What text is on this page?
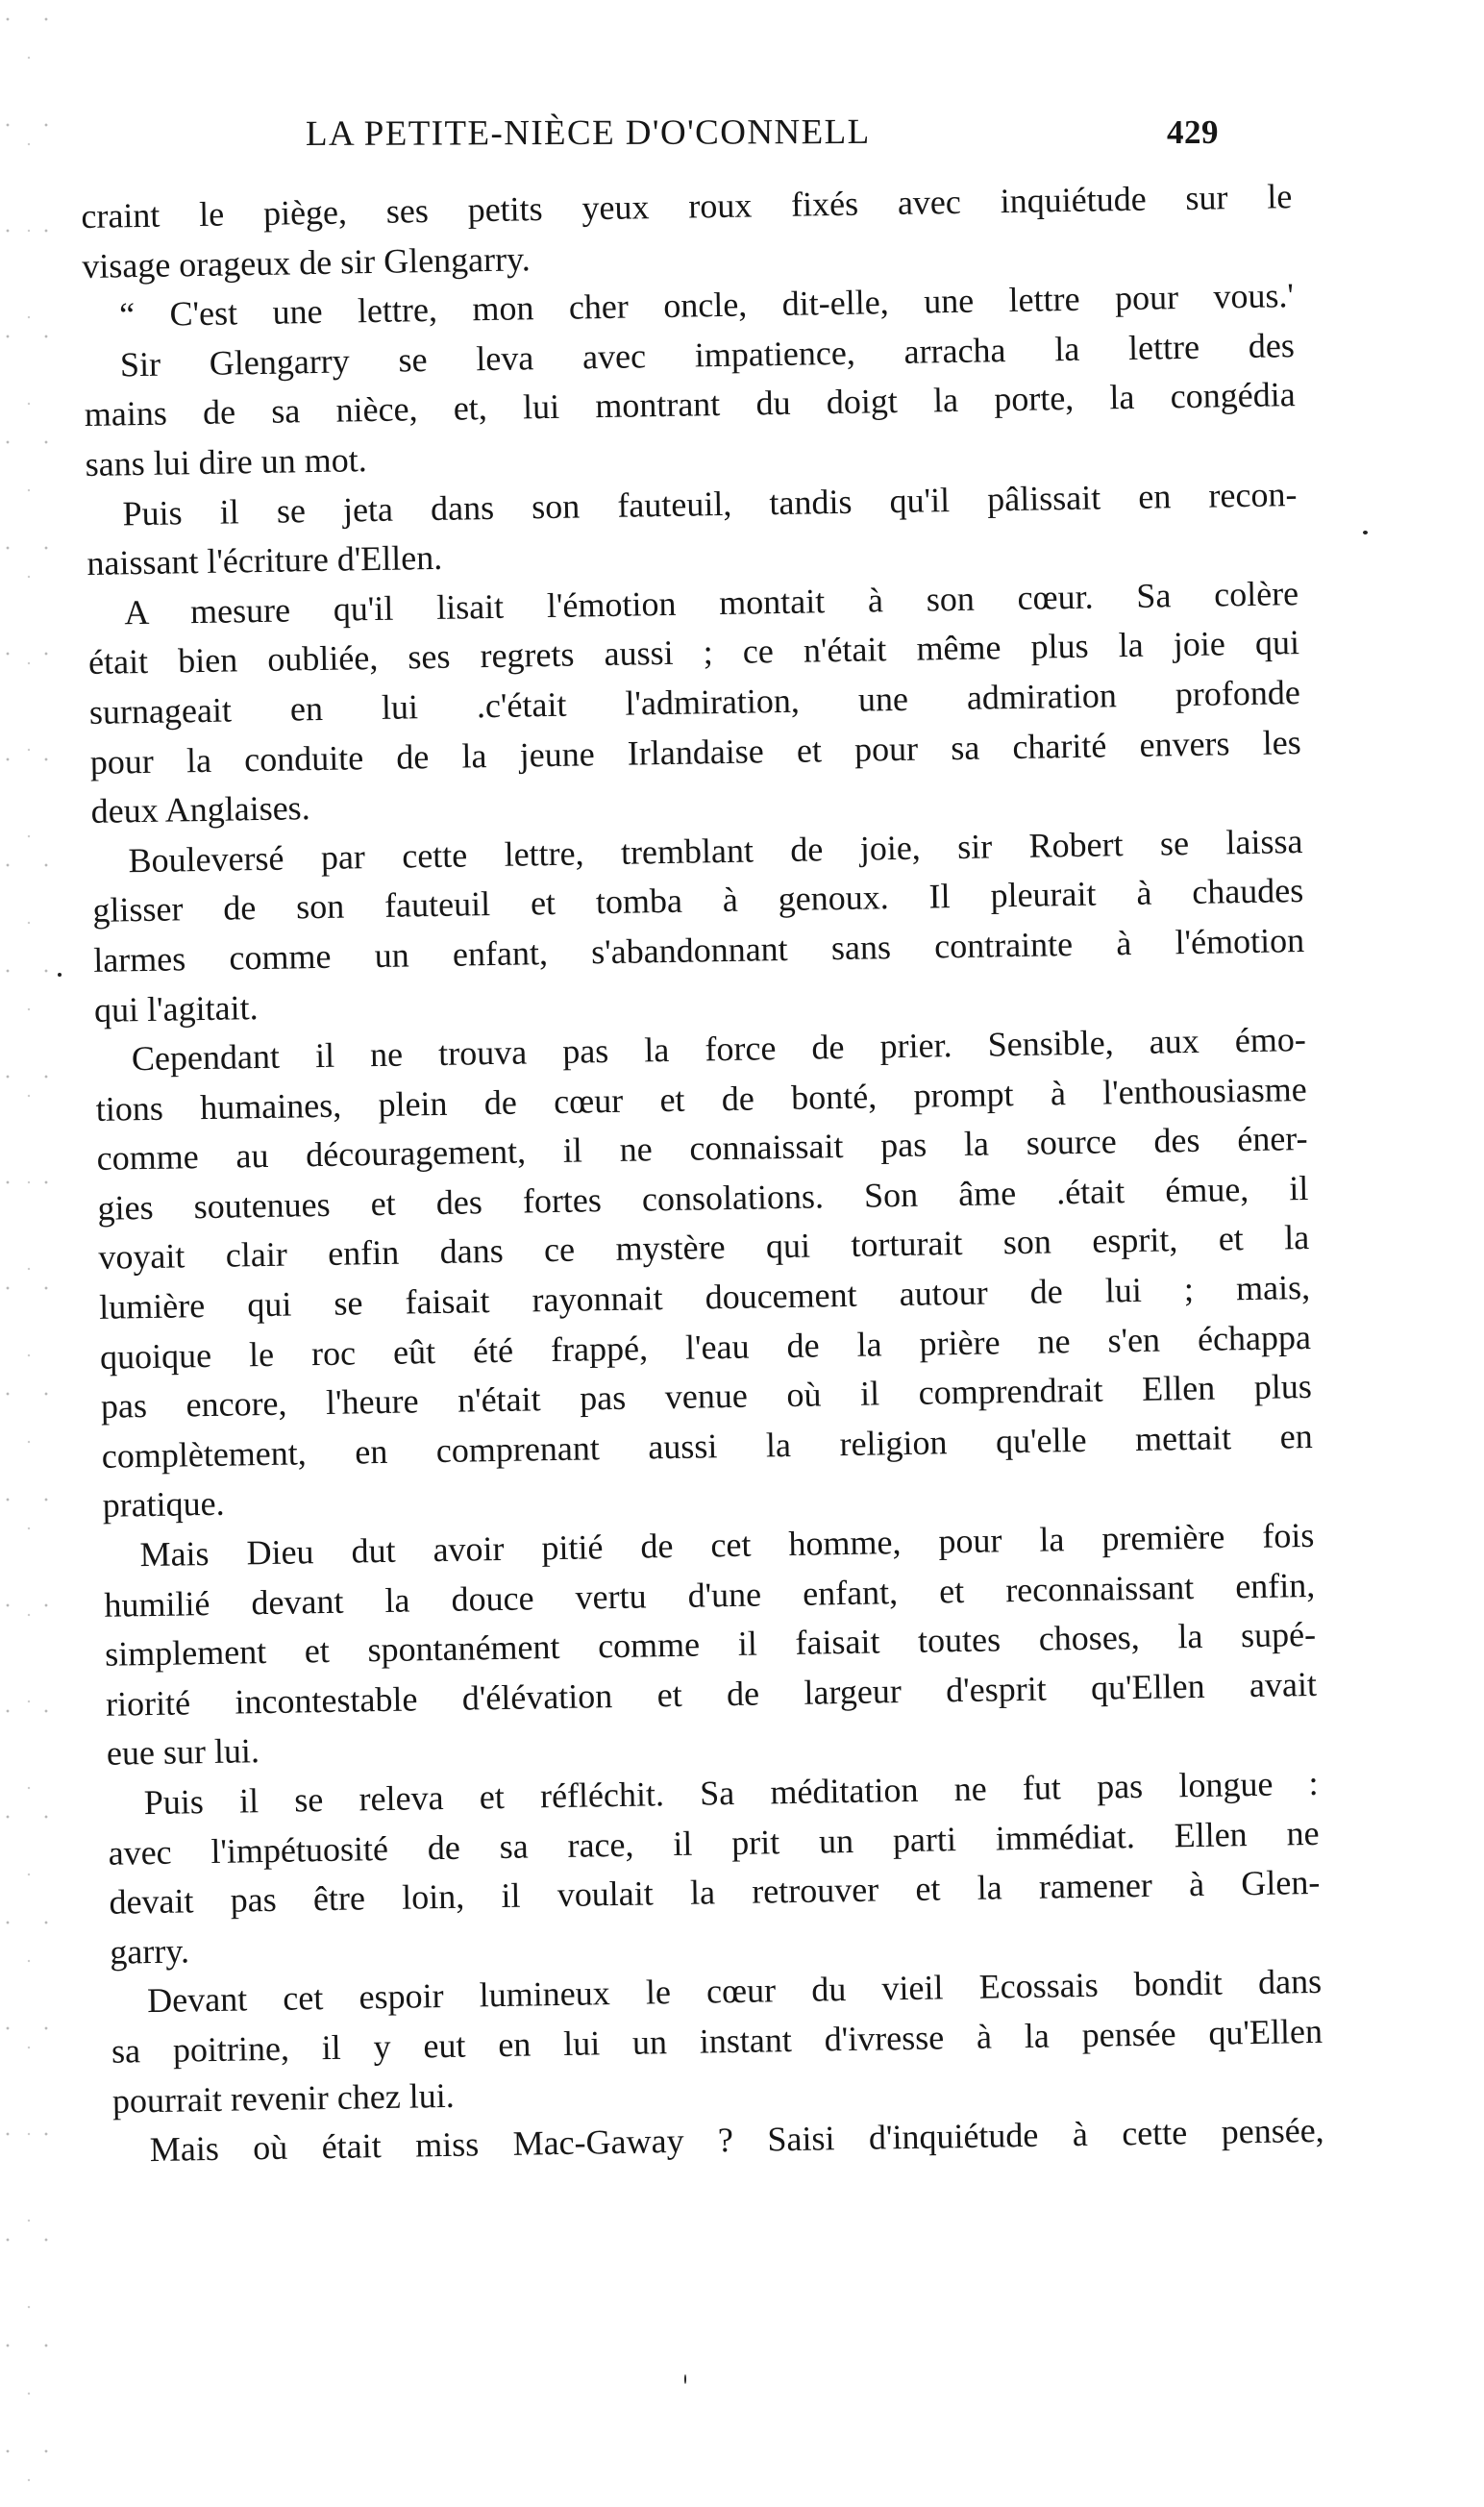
LA PETITE-NIÈCE D'O'CONNELL	429
craint le piège, ses petits yeux roux fixés avec inquiétude sur le
visage orageux de sir Glengarry.
“ C'est une lettre, mon cher oncle, dit-elle, une lettre pour vous.'
Sir Glengarry se leva avec impatience, arracha la lettre des
mains de sa nièce, et, lui montrant du doigt la porte, la congédia
sans lui dire un mot.
Puis il se jeta dans son fauteuil, tandis qu'il pâlissait en recon-
naissant l'écriture d'Ellen.
A mesure qu'il lisait l'émotion montait à son cœur. Sa colère
était bien oubliée, ses regrets aussi ; ce n'était même plus la joie qui
surnageait en lui .c'était l'admiration, une admiration profonde
pour la conduite de la jeune Irlandaise et pour sa charité envers les
deux Anglaises.
Bouleversé par cette lettre, tremblant de joie, sir Robert se laissa
glisser de son fauteuil et tomba à genoux. Il pleurait à chaudes
larmes comme un enfant, s'abandonnant sans contrainte à l'émotion
qui l'agitait.
Cependant il ne trouva pas la force de prier. Sensible, aux émo-
tions humaines, plein de cœur et de bonté, prompt à l'enthousiasme
comme au découragement, il ne connaissait pas la source des éner-
gies soutenues et des fortes consolations. Son âme .était émue, il
voyait clair enfin dans ce mystère qui torturait son esprit, et la
lumière qui se faisait rayonnait doucement autour de lui ; mais,
quoique le roc eût été frappé, l'eau de la prière ne s'en échappa
pas encore, l'heure n'était pas venue où il comprendrait Ellen plus
complètement, en comprenant aussi la religion qu'elle mettait en
pratique.
Mais Dieu dut avoir pitié de cet homme, pour la première fois
humilié devant la douce vertu d'une enfant, et reconnaissant enfin,
simplement et spontanément comme il faisait toutes choses, la supé-
riorité incontestable d'élévation et de largeur d'esprit qu'Ellen avait
eue sur lui.
Puis il se releva et réfléchit. Sa méditation ne fut pas longue :
avec l'impétuosité de sa race, il prit un parti immédiat. Ellen ne
devait pas être loin, il voulait la retrouver et la ramener à Glen-
garry.
Devant cet espoir lumineux le cœur du vieil Ecossais bondit dans
sa poitrine, il y eut en lui un instant d'ivresse à la pensée qu'Ellen
pourrait revenir chez lui.
Mais où était miss Mac-Gaway ? Saisi d'inquiétude à cette pensée,
